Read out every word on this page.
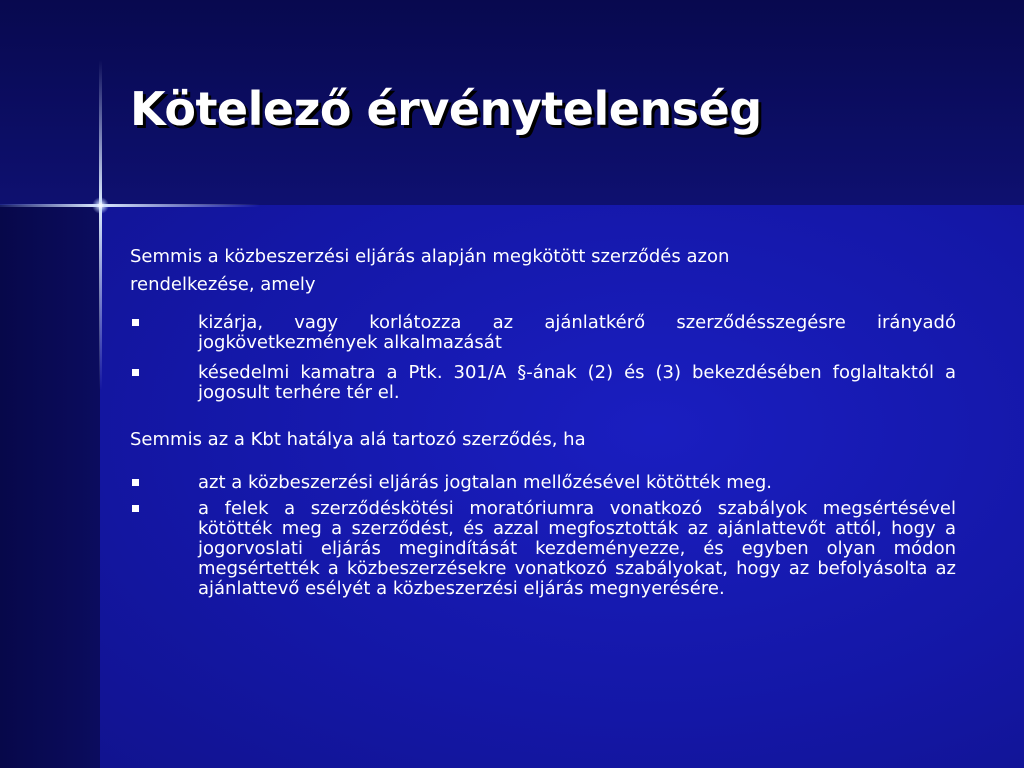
Kötelező érvénytelenség

Semmis a közbeszerzési eljárás alapján megkötött szerződés azon
rendelkezése, amely

kizárja, vagy korlátozza az ajánlatkérő szerződésszegésre irányadó jogkövetkezmények alkalmazását
késedelmi kamatra a Ptk. 301/A §-ának (2) és (3) bekezdésében foglaltaktól a jogosult terhére tér el.

Semmis az a Kbt hatálya alá tartozó szerződés, ha

azt a közbeszerzési eljárás jogtalan mellőzésével kötötték meg.
a felek a szerződéskötési moratóriumra vonatkozó szabályok megsértésével kötötték meg a szerződést, és azzal megfosztották az ajánlattevőt attól, hogy a jogorvoslati eljárás megindítását kezdeményezze, és egyben olyan módon megsértették a közbeszerzésekre vonatkozó szabályokat, hogy az befolyásolta az ajánlattevő esélyét a közbeszerzési eljárás megnyerésére.
